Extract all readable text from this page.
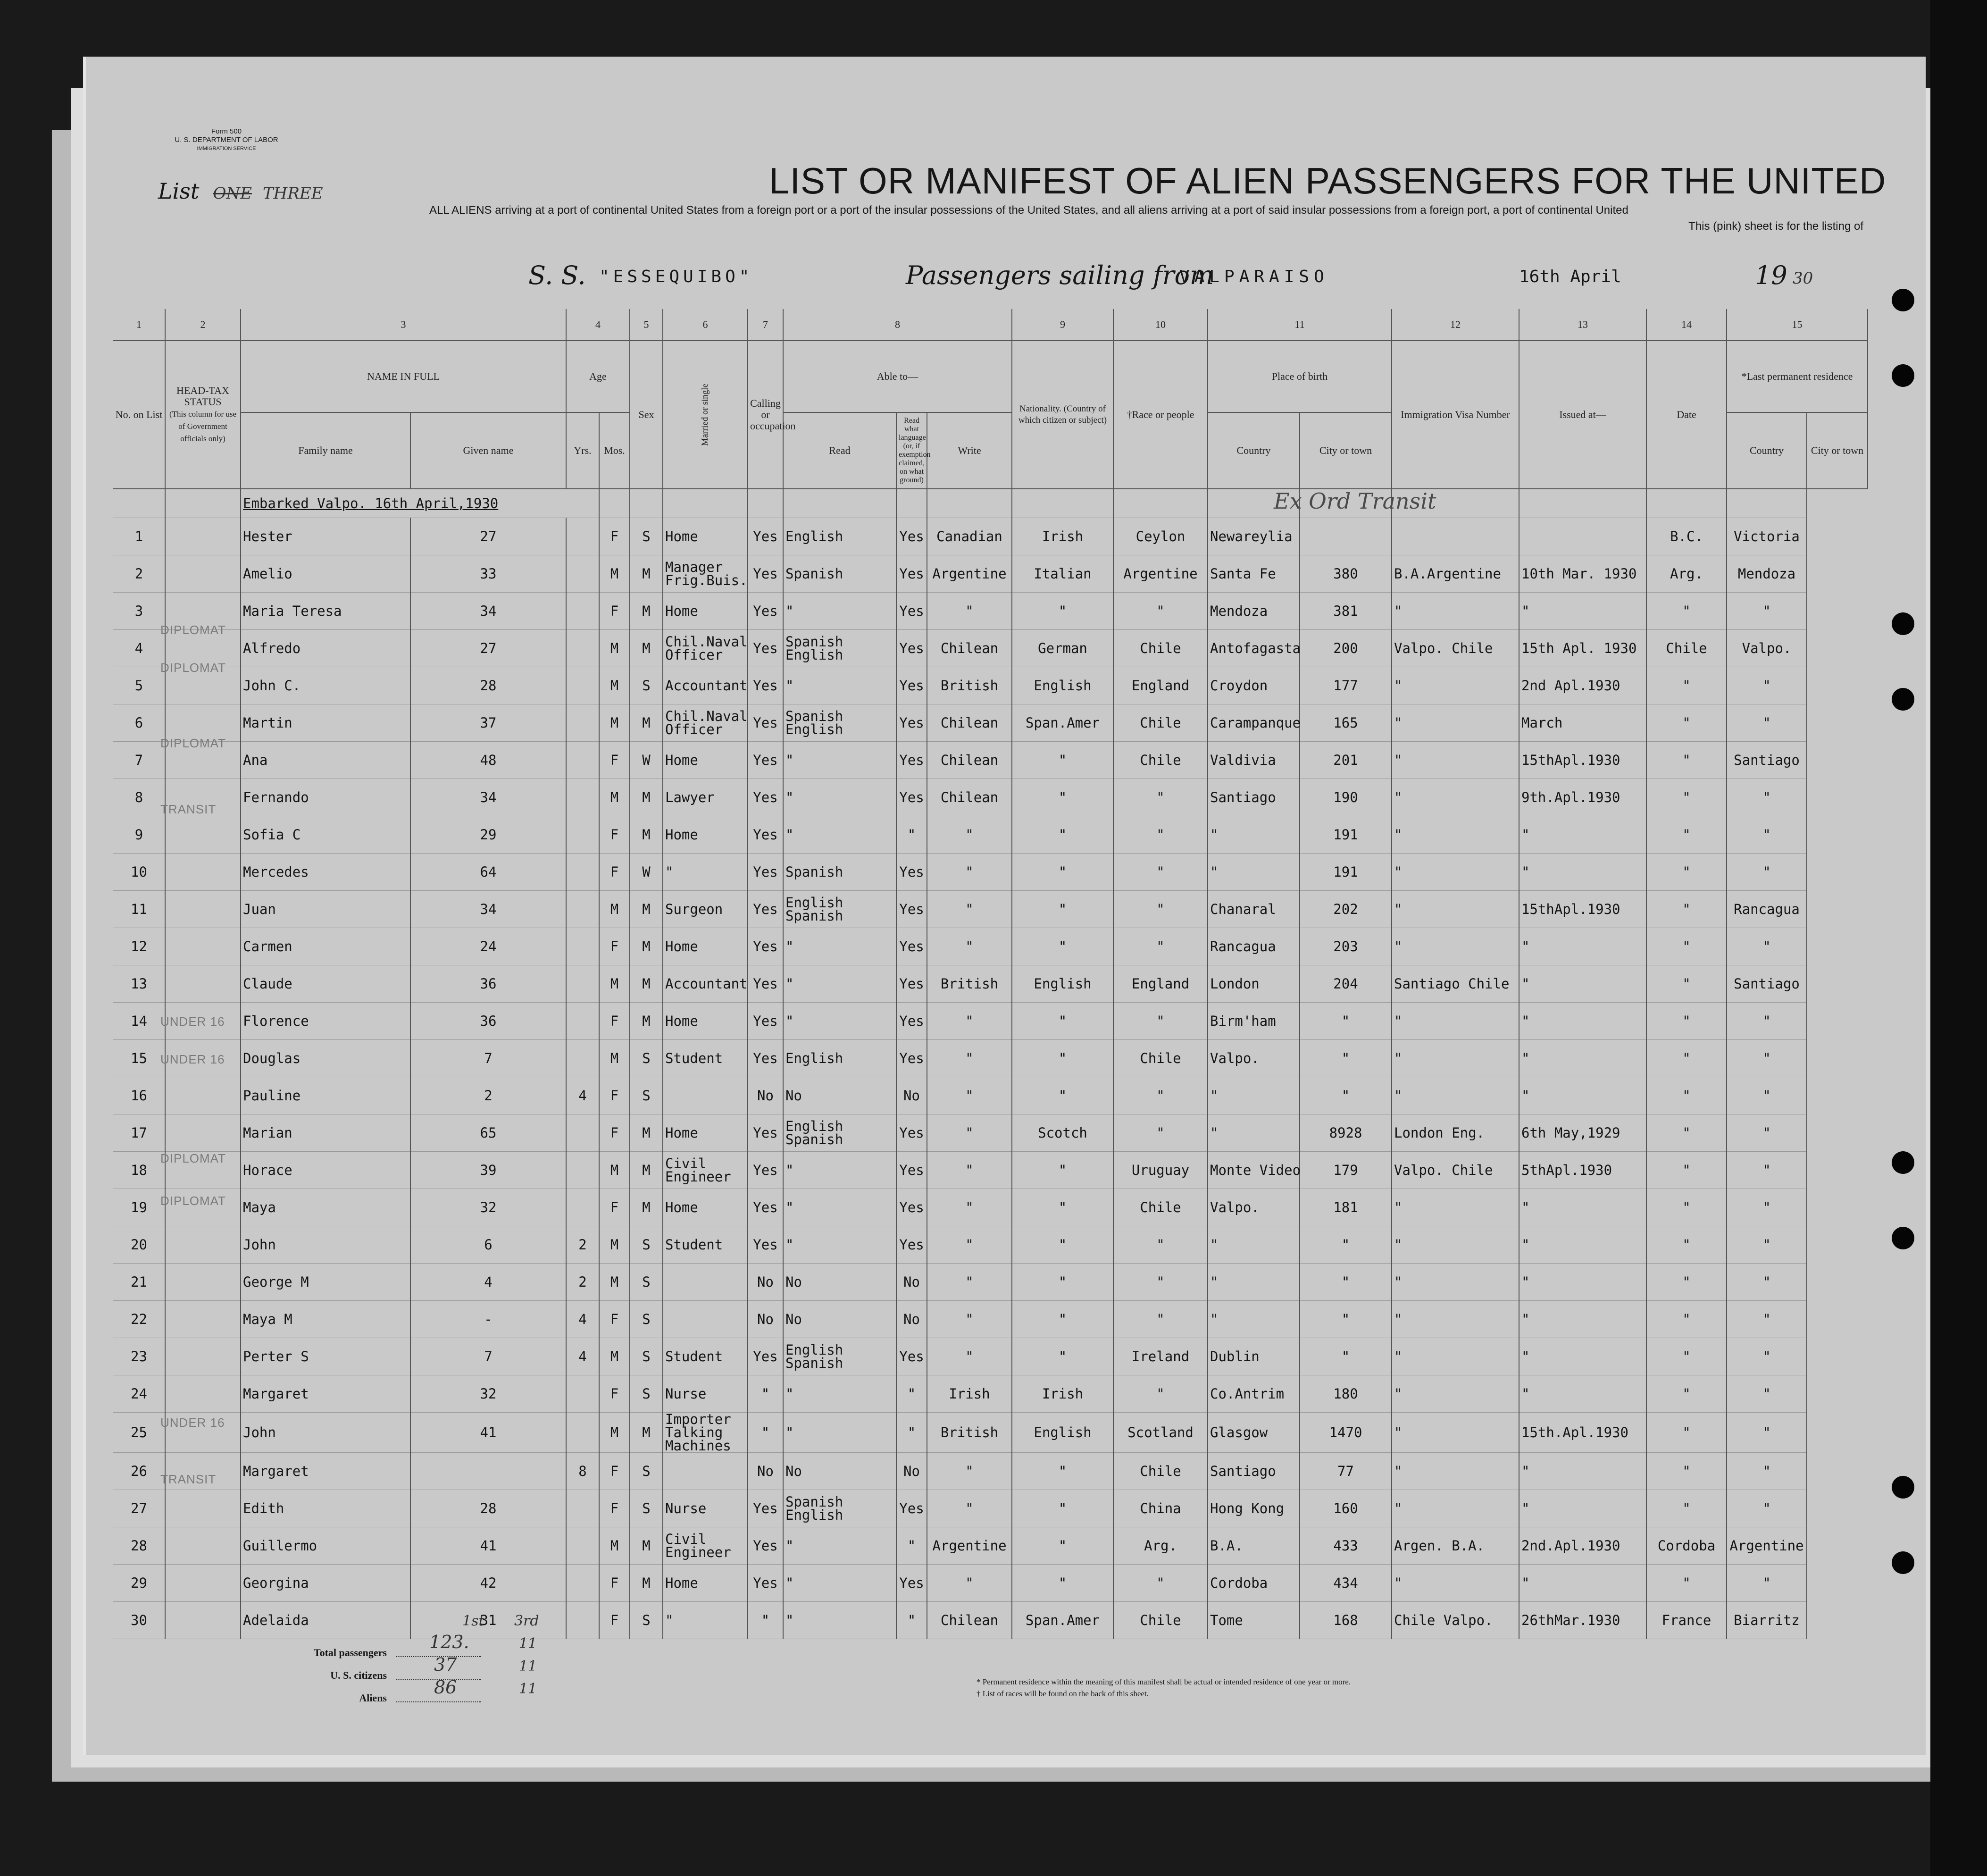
Form 500
U. S. DEPARTMENT OF LABOR
IMMIGRATION SERVICE
List ONE THREE	LIST OR MANIFEST OF ALIEN PASSENGERS FOR THE UNITED
ALL ALIENS arriving at a port of continental United States from a foreign port or a port of the insular possessions of the United States, and all aliens arriving at a port of said insular possessions from a foreign port, a port of continental United
This (pink) sheet is for the listing of
S. S. "ESSEQUIBO"	Passengers sailing from
VALPARAISO	16th April	19 30
1	2	3		4		5	6	7	8			9	10	11		12	13	14	15	
No. on List	HEAD-TAX STATUS
(This column for use of Government officials only)	NAME IN FULL		Age		Sex	Married or single	Calling or occupation	Able to—			Nationality. (Country of which citizen or subject)	†Race or people	Place of birth		Immigration Visa Number	Issued at—	Date	*Last permanent residence	
		Family name	Given name	Yrs.	Mos.				Read	Read what language (or, if exemption claimed, on what ground)	Write			Country	City or town				Country	City or town
		Embarked Valpo. 16th April,1930																		
1		Hester	27		F	S	Home	Yes	English	Yes	Canadian	Irish	Ceylon	Newareylia				B.C.	Victoria	
2		Amelio	33		M	M	Manager Frig.Buis.	Yes	Spanish	Yes	Argentine	Italian	Argentine	Santa Fe	380	B.A.Argentine	10th Mar. 1930	Arg.	Mendoza	
3		Maria Teresa	34		F	M	Home	Yes	"	Yes	"	"	"	Mendoza	381	"	"	"	"	
4		Alfredo	27		M	M	Chil.Naval Officer	Yes	Spanish English	Yes	Chilean	German	Chile	Antofagasta	200	Valpo. Chile	15th Apl. 1930	Chile	Valpo.	
5		John C.	28		M	S	Accountant	Yes	"	Yes	British	English	England	Croydon	177	"	2nd Apl.1930	"	"	
6		Martin	37		M	M	Chil.Naval Officer	Yes	Spanish English	Yes	Chilean	Span.Amer	Chile	Carampanque	165	"	March	"	"	
7		Ana	48		F	W	Home	Yes	"	Yes	Chilean	"	Chile	Valdivia	201	"	15thApl.1930	"	Santiago	
8		Fernando	34		M	M	Lawyer	Yes	"	Yes	Chilean	"	"	Santiago	190	"	9th.Apl.1930	"	"	
9		Sofia C	29		F	M	Home	Yes	"	"	"	"	"	"	191	"	"	"	"	
10		Mercedes	64		F	W	"	Yes	Spanish	Yes	"	"	"	"	191	"	"	"	"	
11		Juan	34		M	M	Surgeon	Yes	English Spanish	Yes	"	"	"	Chanaral	202	"	15thApl.1930	"	Rancagua	
12		Carmen	24		F	M	Home	Yes	"	Yes	"	"	"	Rancagua	203	"	"	"	"	
13		Claude	36		M	M	Accountant	Yes	"	Yes	British	English	England	London	204	Santiago Chile	"	"	Santiago	
14		Florence	36		F	M	Home	Yes	"	Yes	"	"	"	Birm'ham	"	"	"	"	"	
15		Douglas	7		M	S	Student	Yes	English	Yes	"	"	Chile	Valpo.	"	"	"	"	"	
16		Pauline	2	4	F	S		No	No	No	"	"	"	"	"	"	"	"	"	
17		Marian	65		F	M	Home	Yes	English Spanish	Yes	"	Scotch	"	"	8928	London Eng.	6th May,1929	"	"	
18		Horace	39		M	M	Civil Engineer	Yes	"	Yes	"	"	Uruguay	Monte Video	179	Valpo. Chile	5thApl.1930	"	"	
19		Maya	32		F	M	Home	Yes	"	Yes	"	"	Chile	Valpo.	181	"	"	"	"	
20		John	6	2	M	S	Student	Yes	"	Yes	"	"	"	"	"	"	"	"	"	
21		George M	4	2	M	S		No	No	No	"	"	"	"	"	"	"	"	"	
22		Maya M	-	4	F	S		No	No	No	"	"	"	"	"	"	"	"	"	
23		Perter S	7	4	M	S	Student	Yes	English Spanish	Yes	"	"	Ireland	Dublin	"	"	"	"	"	
24		Margaret	32		F	S	Nurse	"	"	"	Irish	Irish	"	Co.Antrim	180	"	"	"	"	
25		John	41		M	M	Importer Talking Machines	"	"	"	British	English	Scotland	Glasgow	1470	"	15th.Apl.1930	"	"	
26		Margaret		8	F	S		No	No	No	"	"	Chile	Santiago	77	"	"	"	"	
27		Edith	28		F	S	Nurse	Yes	Spanish English	Yes	"	"	China	Hong Kong	160	"	"	"	"	
28		Guillermo	41		M	M	Civil Engineer	Yes	"	"	Argentine	"	Arg.	B.A.	433	Argen. B.A.	2nd.Apl.1930	Cordoba	Argentine	
29		Georgina	42		F	M	Home	Yes	"	Yes	"	"	"	Cordoba	434	"	"	"	"	
30		Adelaida	31		F	S	"	"	"	"	Chilean	Span.Amer	Chile	Tome	168	Chile Valpo.	26thMar.1930	France	Biarritz	
Ex Ord Transit
DIPLOMAT
DIPLOMAT
DIPLOMAT
TRANSIT
UNDER 16
UNDER 16
DIPLOMAT
DIPLOMAT
UNDER 16
TRANSIT
1st 3rd
Total passengers
123.	11
U. S. citizens
37	11
Aliens
86	11	* Permanent residence within the meaning of this manifest shall be actual or intended residence of one year or more.
† List of races will be found on the back of this sheet.
